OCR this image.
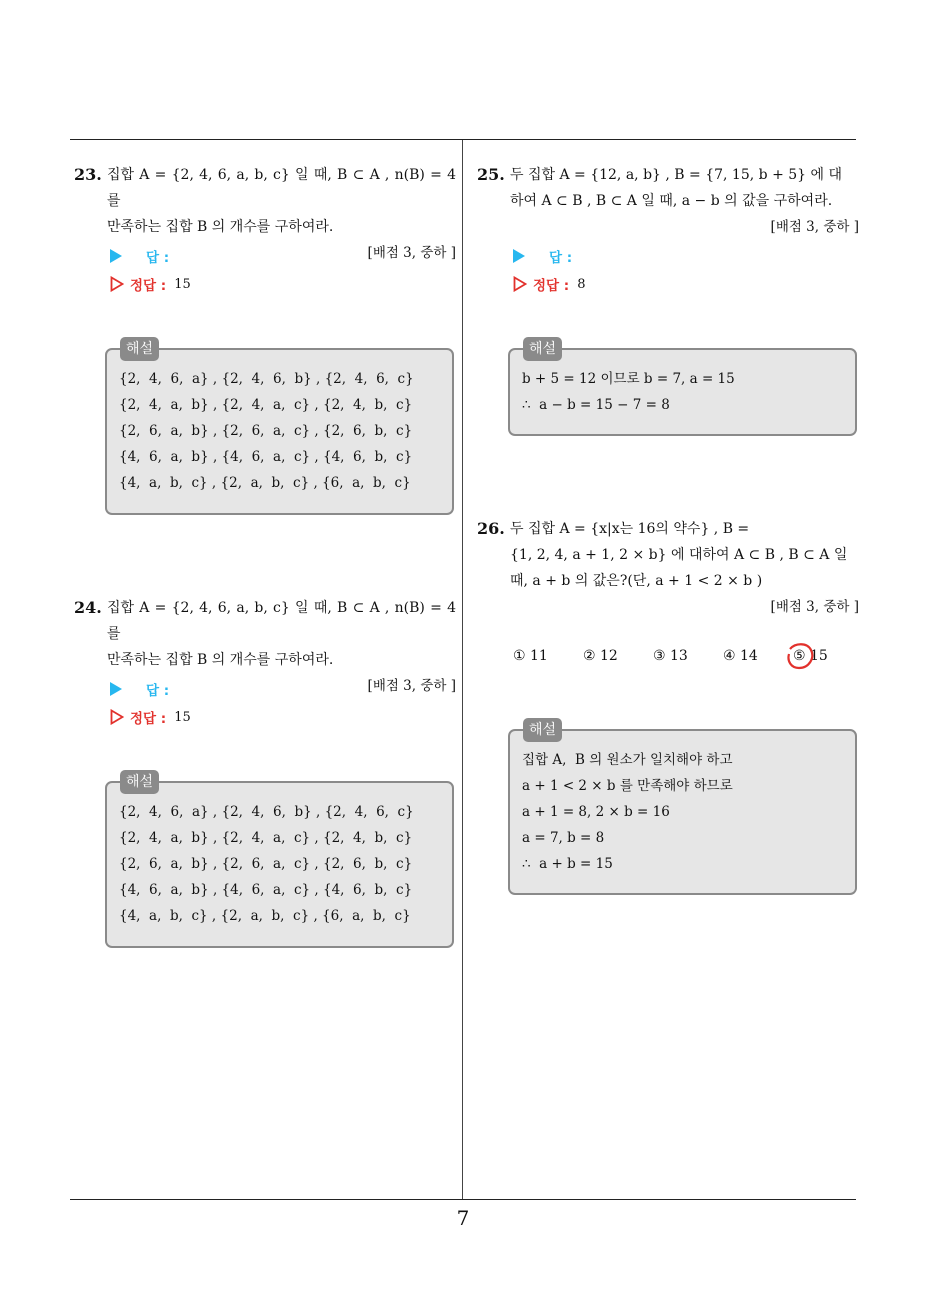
7
23. 집합 A = {2, 4, 6, a, b, c} 일 때, B ⊂ A , n(B) = 4 를
만족하는 집합 B 의 개수를 구하여라.
[배점 3, 중하 ]
답 :
정답 : 15
해설
{2,  4,  6,  a} , {2,  4,  6,  b} , {2,  4,  6,  c}
{2,  4,  a,  b} , {2,  4,  a,  c} , {2,  4,  b,  c}
{2,  6,  a,  b} , {2,  6,  a,  c} , {2,  6,  b,  c}
{4,  6,  a,  b} , {4,  6,  a,  c} , {4,  6,  b,  c}
{4,  a,  b,  c} , {2,  a,  b,  c} , {6,  a,  b,  c}
24. 집합 A = {2, 4, 6, a, b, c} 일 때, B ⊂ A , n(B) = 4 를
만족하는 집합 B 의 개수를 구하여라.
[배점 3, 중하 ]
답 :
정답 : 15
해설
{2,  4,  6,  a} , {2,  4,  6,  b} , {2,  4,  6,  c}
{2,  4,  a,  b} , {2,  4,  a,  c} , {2,  4,  b,  c}
{2,  6,  a,  b} , {2,  6,  a,  c} , {2,  6,  b,  c}
{4,  6,  a,  b} , {4,  6,  a,  c} , {4,  6,  b,  c}
{4,  a,  b,  c} , {2,  a,  b,  c} , {6,  a,  b,  c}
25. 두 집합 A = {12, a, b} , B = {7, 15, b + 5} 에 대
하여 A ⊂ B , B ⊂ A 일 때, a − b 의 값을 구하여라.
[배점 3, 중하 ]
답 :
정답 : 8
해설
b + 5 = 12 이므로 b = 7, a = 15
∴  a − b = 15 − 7 = 8
26. 두 집합 A = {x|x는 16의 약수} , B =
{1, 2, 4, a + 1, 2 × b} 에 대하여 A ⊂ B , B ⊂ A 일
때, a + b 의 값은?(단, a + 1 < 2 × b )
[배점 3, 중하 ]
① 11	② 12	③ 13	④ 14	⑤ 15
해설
집합 A,  B 의 원소가 일치해야 하고
a + 1 < 2 × b 를 만족해야 하므로
a + 1 = 8, 2 × b = 16
a = 7, b = 8
∴  a + b = 15
